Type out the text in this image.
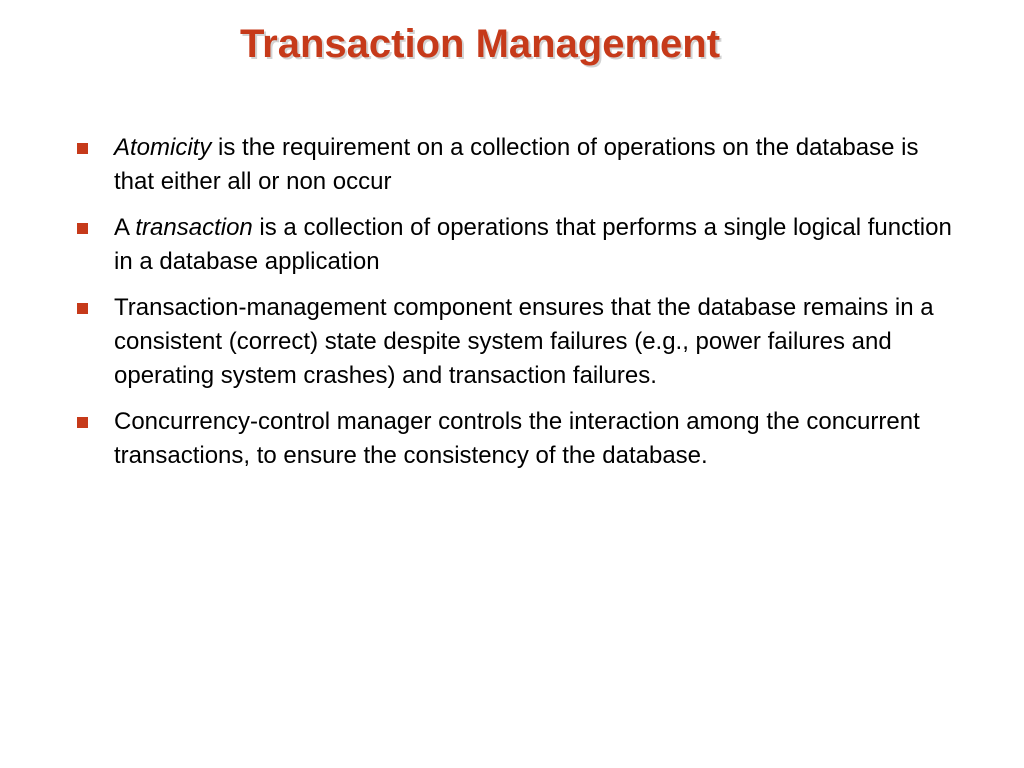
Transaction Management
Atomicity is the requirement on a collection of operations on the database is that either all or non occur
A transaction is a collection of operations that performs a single logical function in a database application
Transaction-management component ensures that the database remains in a consistent (correct) state despite system failures (e.g., power failures and operating system crashes) and transaction failures.
Concurrency-control manager controls the interaction among the concurrent transactions, to ensure the consistency of the database.
